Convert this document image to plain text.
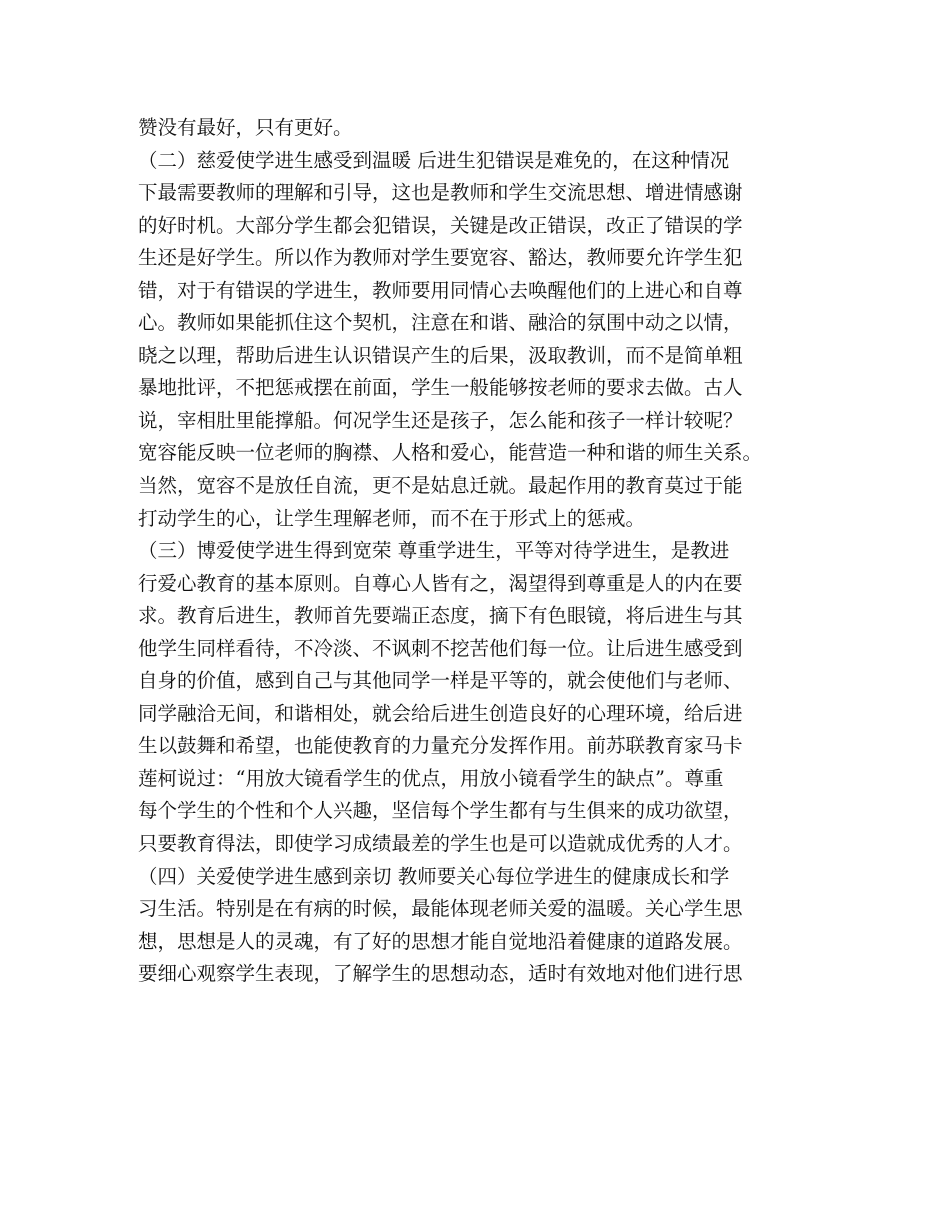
赞没有最好，只有更好。
（二）慈爱使学进生感受到温暖 后进生犯错误是难免的，在这种情况
下最需要教师的理解和引导，这也是教师和学生交流思想、增进情感谢
的好时机。大部分学生都会犯错误，关键是改正错误，改正了错误的学
生还是好学生。所以作为教师对学生要宽容、豁达，教师要允许学生犯
错，对于有错误的学进生，教师要用同情心去唤醒他们的上进心和自尊
心。教师如果能抓住这个契机，注意在和谐、融洽的氛围中动之以情，
晓之以理，帮助后进生认识错误产生的后果，汲取教训，而不是简单粗
暴地批评，不把惩戒摆在前面，学生一般能够按老师的要求去做。古人
说，宰相肚里能撑船。何况学生还是孩子，怎么能和孩子一样计较呢？
宽容能反映一位老师的胸襟、人格和爱心，能营造一种和谐的师生关系。
当然，宽容不是放任自流，更不是姑息迁就。最起作用的教育莫过于能
打动学生的心，让学生理解老师，而不在于形式上的惩戒。
（三）博爱使学进生得到宽荣 尊重学进生，平等对待学进生，是教进
行爱心教育的基本原则。自尊心人皆有之，渴望得到尊重是人的内在要
求。教育后进生，教师首先要端正态度，摘下有色眼镜，将后进生与其
他学生同样看待，不冷淡、不讽刺不挖苦他们每一位。让后进生感受到
自身的价值，感到自己与其他同学一样是平等的，就会使他们与老师、
同学融洽无间，和谐相处，就会给后进生创造良好的心理环境，给后进
生以鼓舞和希望，也能使教育的力量充分发挥作用。前苏联教育家马卡
莲柯说过：“用放大镜看学生的优点，用放小镜看学生的缺点”。尊重
每个学生的个性和个人兴趣，坚信每个学生都有与生俱来的成功欲望，
只要教育得法，即使学习成绩最差的学生也是可以造就成优秀的人才。
（四）关爱使学进生感到亲切 教师要关心每位学进生的健康成长和学
习生活。特别是在有病的时候，最能体现老师关爱的温暖。关心学生思
想，思想是人的灵魂，有了好的思想才能自觉地沿着健康的道路发展。
要细心观察学生表现，了解学生的思想动态，适时有效地对他们进行思
